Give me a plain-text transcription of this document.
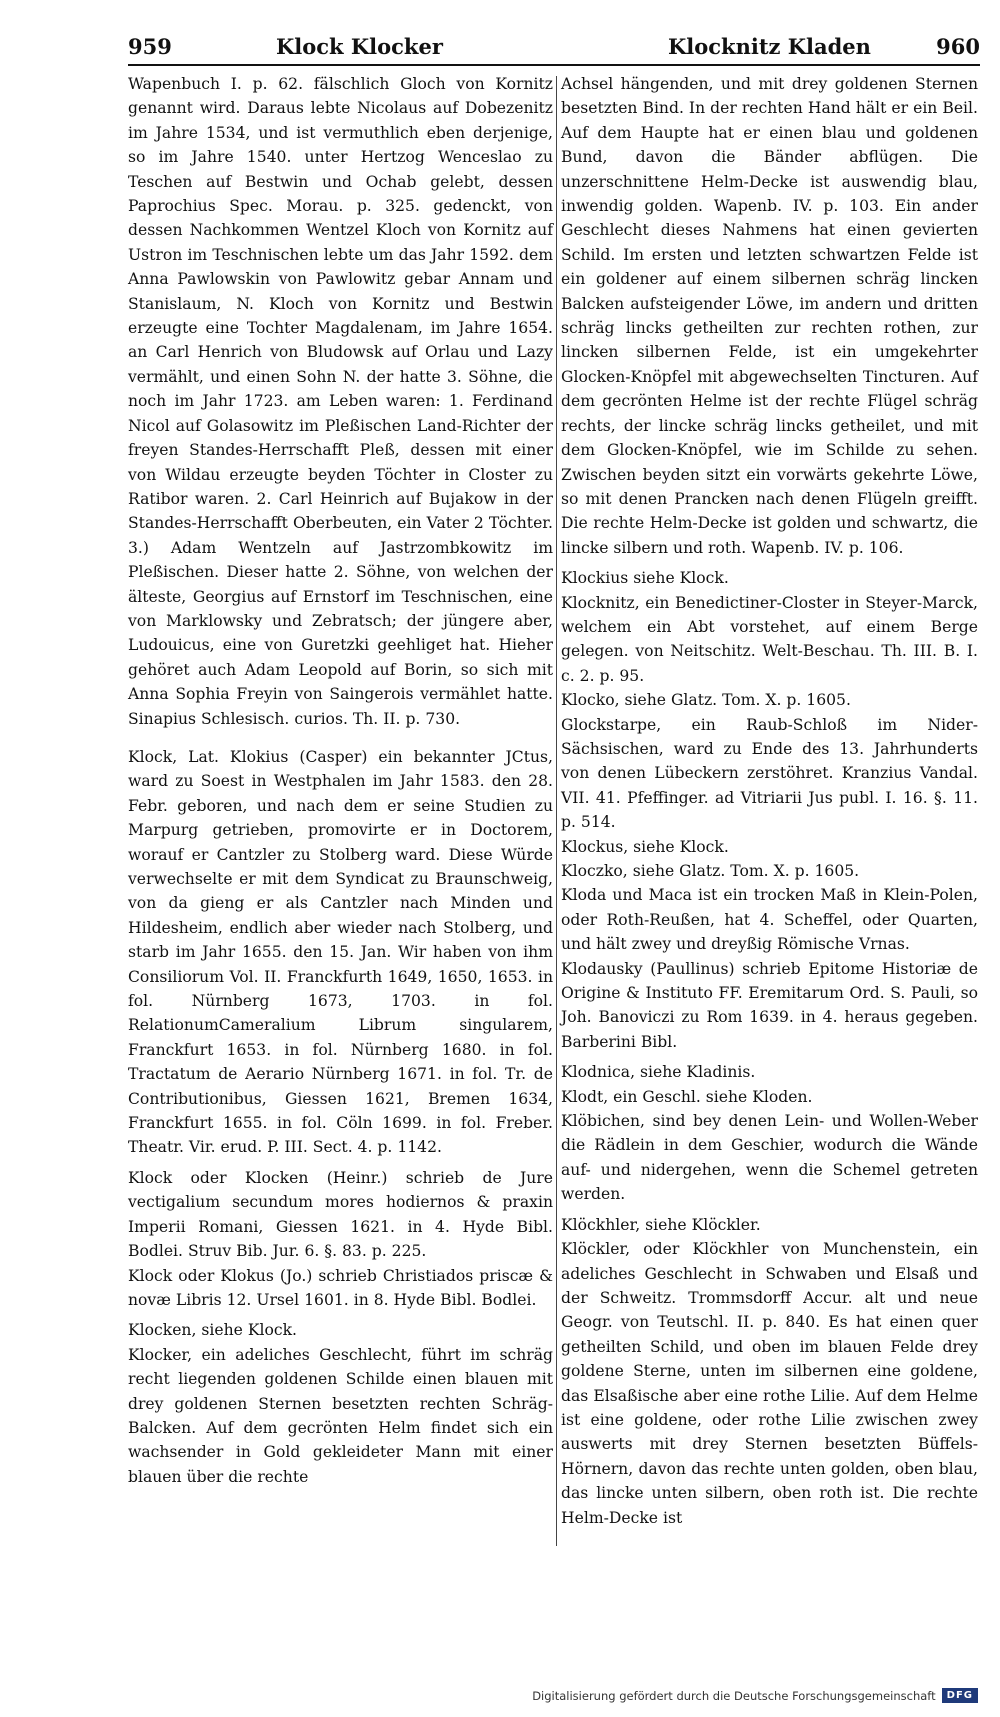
959	Klock Klocker	Klocknitz Kladen	960

Wapenbuch I. p. 62. fälschlich Gloch von Kornitz genannt wird. Daraus lebte Nicolaus auf Dobezenitz im Jahre 1534, und ist vermuthlich eben derjenige, so im Jahre 1540. unter Hertzog Wenceslao zu Teschen auf Bestwin und Ochab gelebt, dessen Paprochius Spec. Morau. p. 325. gedenckt, von dessen Nachkommen Wentzel Kloch von Kornitz auf Ustron im Teschnischen lebte um das Jahr 1592. dem Anna Pawlowskin von Pawlowitz gebar Annam und Stanislaum, N. Kloch von Kornitz und Bestwin erzeugte eine Tochter Magdalenam, im Jahre 1654. an Carl Henrich von Bludowsk auf Orlau und Lazy vermählt, und einen Sohn N. der hatte 3. Söhne, die noch im Jahr 1723. am Leben waren: 1. Ferdinand Nicol auf Golasowitz im Pleßischen Land-Richter der freyen Standes-Herrschafft Pleß, dessen mit einer von Wildau erzeugte beyden Töchter in Closter zu Ratibor waren. 2. Carl Heinrich auf Bujakow in der Standes-Herrschafft Oberbeuten, ein Vater 2 Töchter. 3.) Adam Wentzeln auf Jastrzombkowitz im Pleßischen. Dieser hatte 2. Söhne, von welchen der älteste, Georgius auf Ernstorf im Teschnischen, eine von Marklowsky und Zebratsch; der jüngere aber, Ludouicus, eine von Guretzki geehliget hat. Hieher gehöret auch Adam Leopold auf Borin, so sich mit Anna Sophia Freyin von Saingerois vermählet hatte. Sinapius Schlesisch. curios. Th. II. p. 730.

Klock, Lat. Klokius (Casper) ein bekannter JCtus, ward zu Soest in Westphalen im Jahr 1583. den 28. Febr. geboren, und nach dem er seine Studien zu Marpurg getrieben, promovirte er in Doctorem, worauf er Cantzler zu Stolberg ward. Diese Würde verwechselte er mit dem Syndicat zu Braunschweig, von da gieng er als Cantzler nach Minden und Hildesheim, endlich aber wieder nach Stolberg, und starb im Jahr 1655. den 15. Jan. Wir haben von ihm Consiliorum Vol. II. Franckfurth 1649, 1650, 1653. in fol. Nürnberg 1673, 1703. in fol. RelationumCameralium Librum singularem, Franckfurt 1653. in fol. Nürnberg 1680. in fol. Tractatum de Aerario Nürnberg 1671. in fol. Tr. de Contributionibus, Giessen 1621, Bremen 1634, Franckfurt 1655. in fol. Cöln 1699. in fol. Freber. Theatr. Vir. erud. P. III. Sect. 4. p. 1142.

Klock oder Klocken (Heinr.) schrieb de Jure vectigalium secundum mores hodiernos & praxin Imperii Romani, Giessen 1621. in 4. Hyde Bibl. Bodlei. Struv Bib. Jur. 6. §. 83. p. 225.

Klock oder Klokus (Jo.) schrieb Christiados priscæ & novæ Libris 12. Ursel 1601. in 8. Hyde Bibl. Bodlei.

Klocken, siehe Klock.

Klocker, ein adeliches Geschlecht, führt im schräg recht liegenden goldenen Schilde einen blauen mit drey goldenen Sternen besetzten rechten Schräg-Balcken. Auf dem gecrönten Helm findet sich ein wachsender in Gold gekleideter Mann mit einer blauen über die rechte

Achsel hängenden, und mit drey goldenen Sternen besetzten Bind. In der rechten Hand hält er ein Beil. Auf dem Haupte hat er einen blau und goldenen Bund, davon die Bänder abflügen. Die unzerschnittene Helm-Decke ist auswendig blau, inwendig golden. Wapenb. IV. p. 103. Ein ander Geschlecht dieses Nahmens hat einen gevierten Schild. Im ersten und letzten schwartzen Felde ist ein goldener auf einem silbernen schräg lincken Balcken aufsteigender Löwe, im andern und dritten schräg lincks getheilten zur rechten rothen, zur lincken silbernen Felde, ist ein umgekehrter Glocken-Knöpfel mit abgewechselten Tincturen. Auf dem gecrönten Helme ist der rechte Flügel schräg rechts, der lincke schräg lincks getheilet, und mit dem Glocken-Knöpfel, wie im Schilde zu sehen. Zwischen beyden sitzt ein vorwärts gekehrte Löwe, so mit denen Prancken nach denen Flügeln greifft. Die rechte Helm-Decke ist golden und schwartz, die lincke silbern und roth. Wapenb. IV. p. 106.

Klockius siehe Klock.

Klocknitz, ein Benedictiner-Closter in Steyer-Marck, welchem ein Abt vorstehet, auf einem Berge gelegen. von Neitschitz. Welt-Beschau. Th. III. B. I. c. 2. p. 95.

Klocko, siehe Glatz. Tom. X. p. 1605.

Glockstarpe, ein Raub-Schloß im Nider-Sächsischen, ward zu Ende des 13. Jahrhunderts von denen Lübeckern zerstöhret. Kranzius Vandal. VII. 41. Pfeffinger. ad Vitriarii Jus publ. I. 16. §. 11. p. 514.

Klockus, siehe Klock.

Kloczko, siehe Glatz. Tom. X. p. 1605.

Kloda und Maca ist ein trocken Maß in Klein-Polen, oder Roth-Reußen, hat 4. Scheffel, oder Quarten, und hält zwey und dreyßig Römische Vrnas.

Klodausky (Paullinus) schrieb Epitome Historiæ de Origine & Instituto FF. Eremitarum Ord. S. Pauli, so Joh. Banoviczi zu Rom 1639. in 4. heraus gegeben. Barberini Bibl.

Klodnica, siehe Kladinis.

Klodt, ein Geschl. siehe Kloden.

Klöbichen, sind bey denen Lein- und Wollen-Weber die Rädlein in dem Geschier, wodurch die Wände auf- und nidergehen, wenn die Schemel getreten werden.

Klöckhler, siehe Klöckler.

Klöckler, oder Klöckhler von Munchenstein, ein adeliches Geschlecht in Schwaben und Elsaß und der Schweitz. Trommsdorff Accur. alt und neue Geogr. von Teutschl. II. p. 840. Es hat einen quer getheilten Schild, und oben im blauen Felde drey goldene Sterne, unten im silbernen eine goldene, das Elsaßische aber eine rothe Lilie. Auf dem Helme ist eine goldene, oder rothe Lilie zwischen zwey auswerts mit drey Sternen besetzten Büffels-Hörnern, davon das rechte unten golden, oben blau, das lincke unten silbern, oben roth ist. Die rechte Helm-Decke ist

Digitalisierung gefördert durch die Deutsche Forschungsgemeinschaft	DFG
